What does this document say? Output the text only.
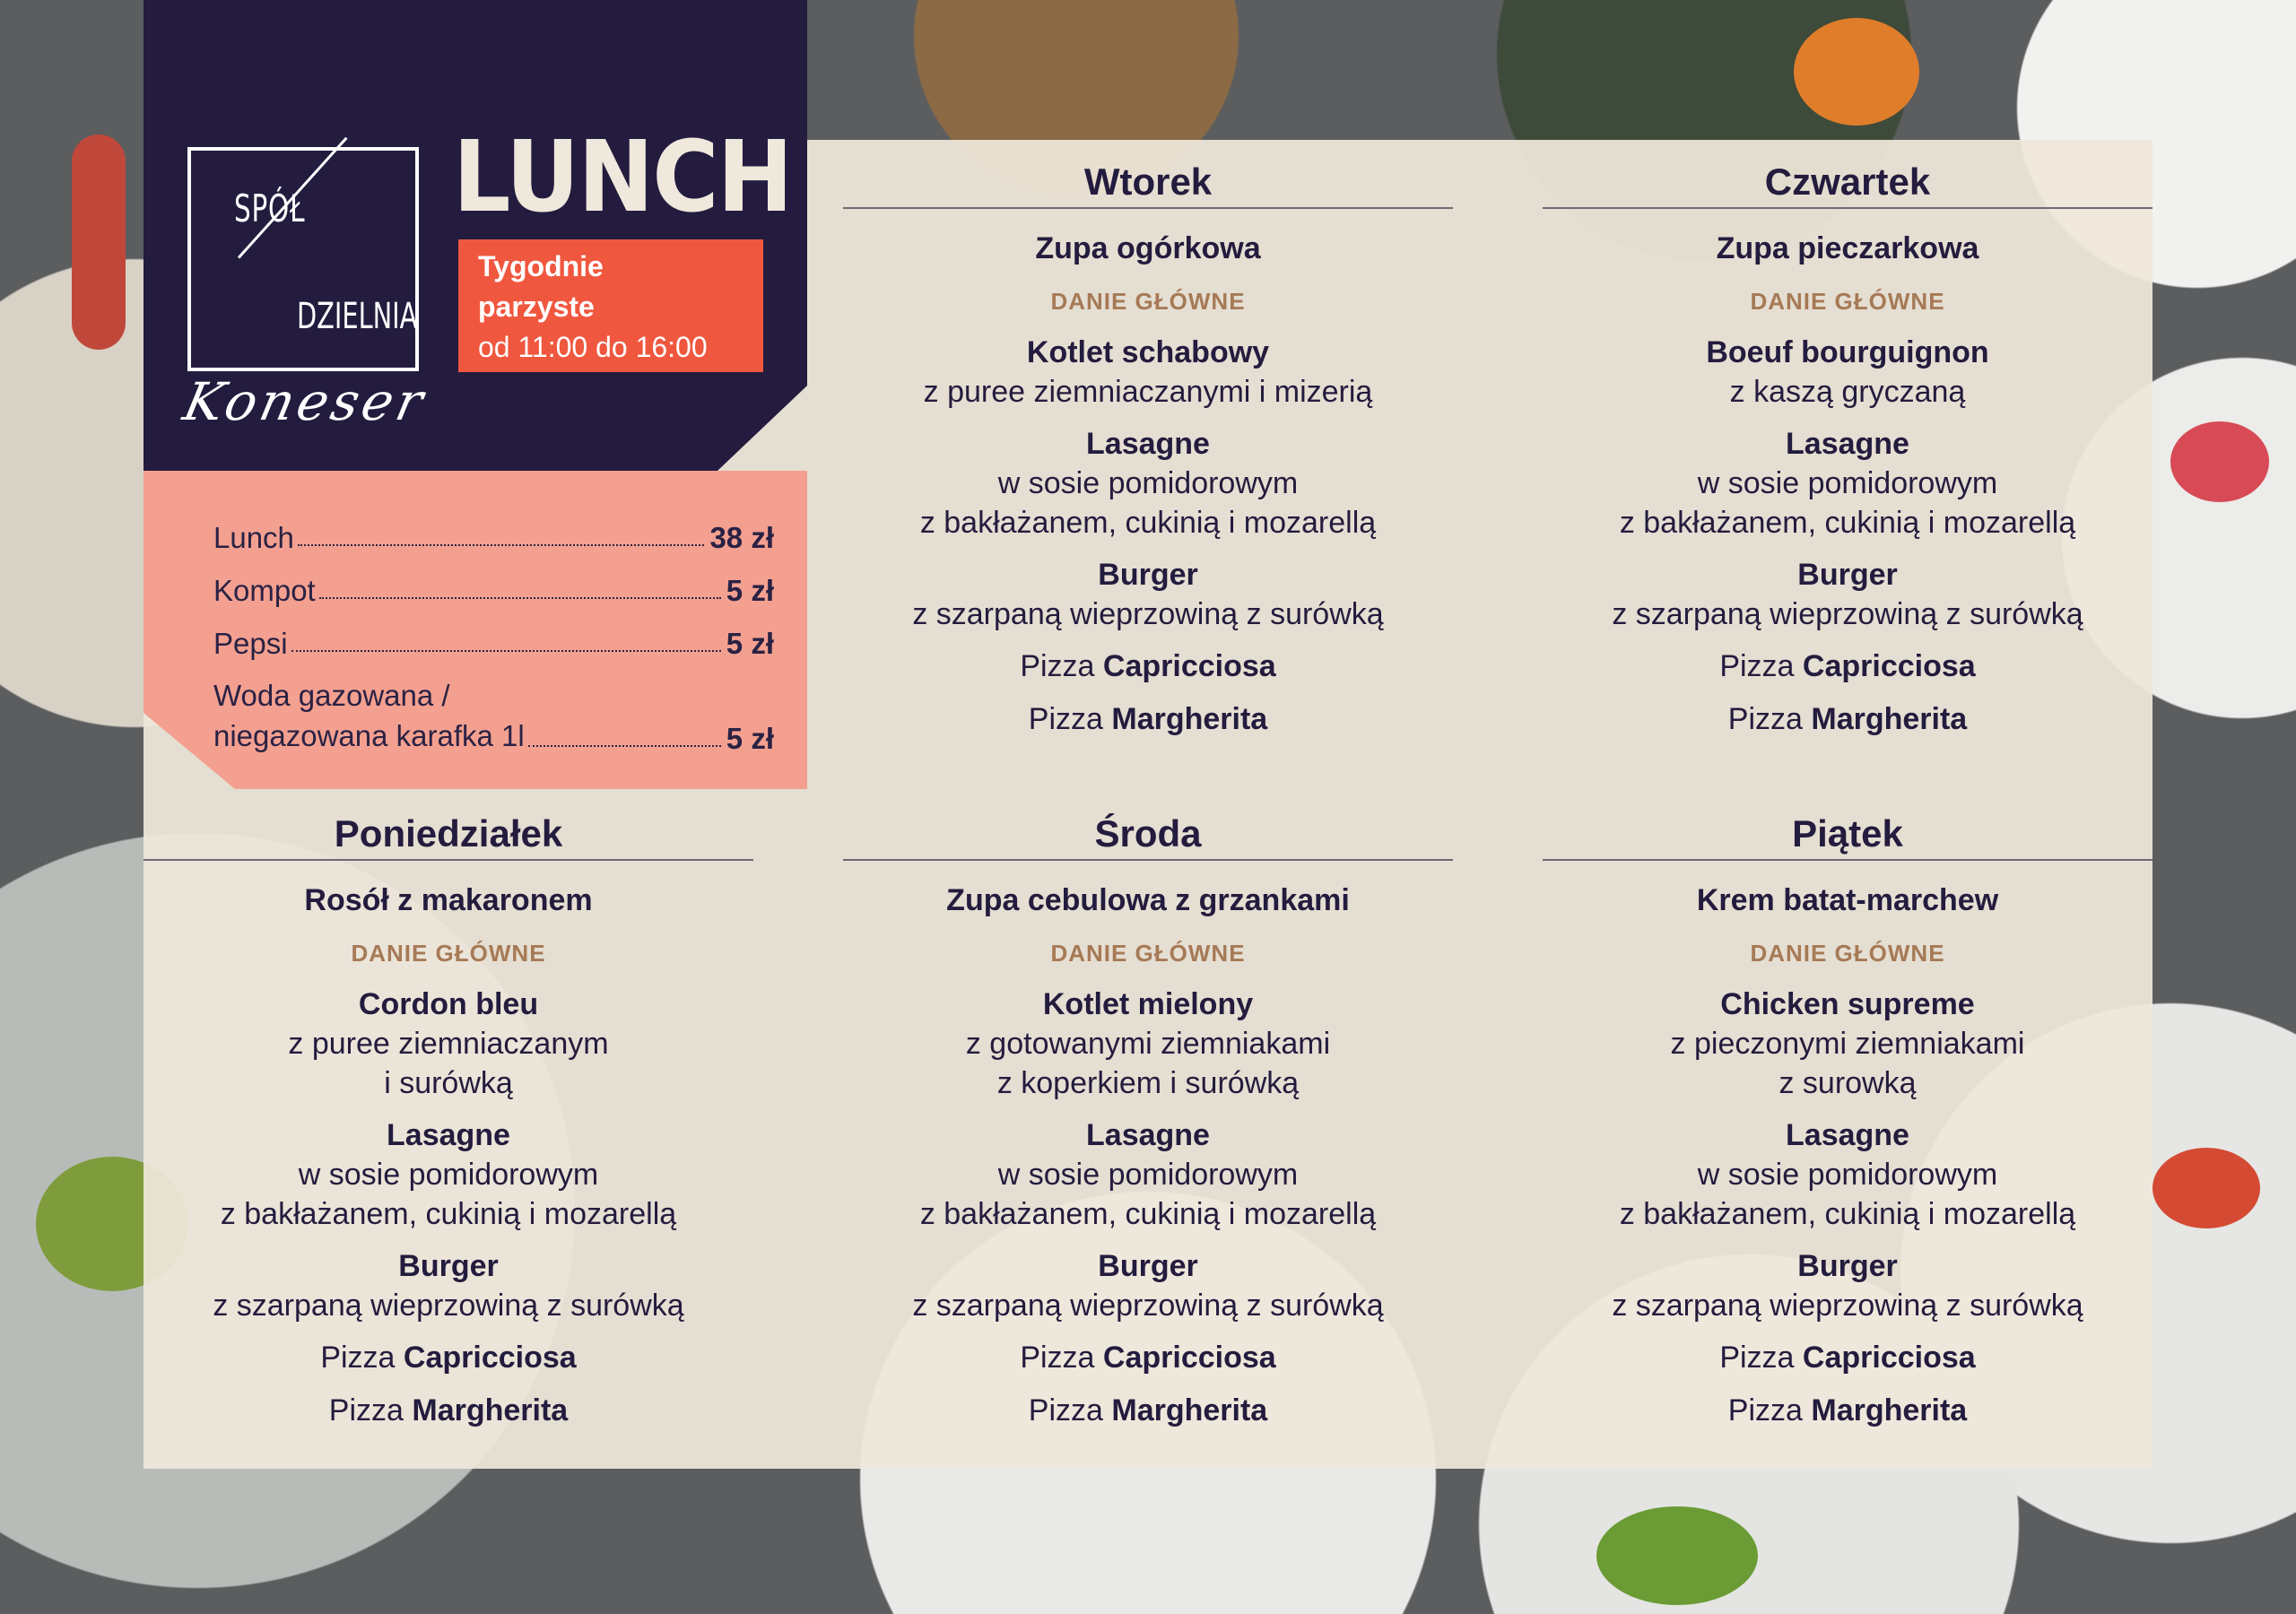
SPÓŁ
DZIELNIA
Koneser
LUNCH
Tygodnie
parzyste
od 11:00 do 16:00
Lunch	38 zł
Kompot	5 zł
Pepsi	5 zł
Woda gazowana /
niegazowana karafka 1l	5 zł
Wtorek
Zupa ogórkowa
DANIE GŁÓWNE
Kotlet schabowy
z puree ziemniaczanymi i mizerią
Lasagne
w sosie pomidorowym
z bakłażanem, cukinią i mozarellą
Burger
z szarpaną wieprzowiną z surówką
Pizza Capricciosa
Pizza Margherita
Czwartek
Zupa pieczarkowa
DANIE GŁÓWNE
Boeuf bourguignon
z kaszą gryczaną
Lasagne
w sosie pomidorowym
z bakłażanem, cukinią i mozarellą
Burger
z szarpaną wieprzowiną z surówką
Pizza Capricciosa
Pizza Margherita
Poniedziałek
Rosół z makaronem
DANIE GŁÓWNE
Cordon bleu
z puree ziemniaczanym
i surówką
Lasagne
w sosie pomidorowym
z bakłażanem, cukinią i mozarellą
Burger
z szarpaną wieprzowiną z surówką
Pizza Capricciosa
Pizza Margherita
Środa
Zupa cebulowa z grzankami
DANIE GŁÓWNE
Kotlet mielony
z gotowanymi ziemniakami
z koperkiem i surówką
Lasagne
w sosie pomidorowym
z bakłażanem, cukinią i mozarellą
Burger
z szarpaną wieprzowiną z surówką
Pizza Capricciosa
Pizza Margherita
Piątek
Krem batat-marchew
DANIE GŁÓWNE
Chicken supreme
z pieczonymi ziemniakami
z surowką
Lasagne
w sosie pomidorowym
z bakłażanem, cukinią i mozarellą
Burger
z szarpaną wieprzowiną z surówką
Pizza Capricciosa
Pizza Margherita
